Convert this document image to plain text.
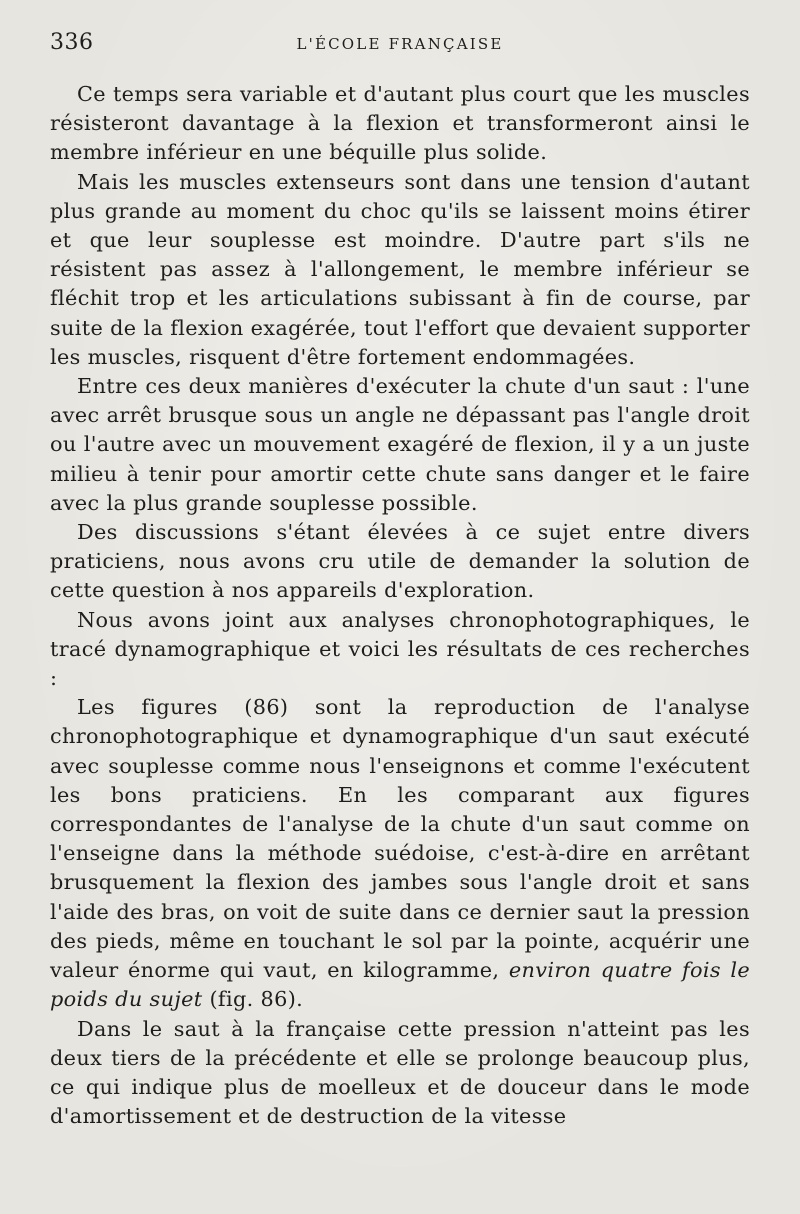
336	L'ÉCOLE FRANÇAISE

Ce temps sera variable et d'autant plus court que les muscles résisteront davantage à la flexion et transformeront ainsi le membre inférieur en une béquille plus solide.

Mais les muscles extenseurs sont dans une tension d'autant plus grande au moment du choc qu'ils se laissent moins étirer et que leur souplesse est moindre. D'autre part s'ils ne résistent pas assez à l'allongement, le membre inférieur se fléchit trop et les articulations subissant à fin de course, par suite de la flexion exagérée, tout l'effort que devaient supporter les muscles, risquent d'être fortement endommagées.

Entre ces deux manières d'exécuter la chute d'un saut : l'une avec arrêt brusque sous un angle ne dépassant pas l'angle droit ou l'autre avec un mouvement exagéré de flexion, il y a un juste milieu à tenir pour amortir cette chute sans danger et le faire avec la plus grande souplesse possible.

Des discussions s'étant élevées à ce sujet entre divers praticiens, nous avons cru utile de demander la solution de cette question à nos appareils d'exploration.

Nous avons joint aux analyses chronophotographiques, le tracé dynamographique et voici les résultats de ces recherches :

Les figures (86) sont la reproduction de l'analyse chronophotographique et dynamographique d'un saut exécuté avec souplesse comme nous l'enseignons et comme l'exécutent les bons praticiens. En les comparant aux figures correspondantes de l'analyse de la chute d'un saut comme on l'enseigne dans la méthode suédoise, c'est-à-dire en arrêtant brusquement la flexion des jambes sous l'angle droit et sans l'aide des bras, on voit de suite dans ce dernier saut la pression des pieds, même en touchant le sol par la pointe, acquérir une valeur énorme qui vaut, en kilogramme, environ quatre fois le poids du sujet (fig. 86).

Dans le saut à la française cette pression n'atteint pas les deux tiers de la précédente et elle se prolonge beaucoup plus, ce qui indique plus de moelleux et de douceur dans le mode d'amortissement et de destruction de la vitesse
